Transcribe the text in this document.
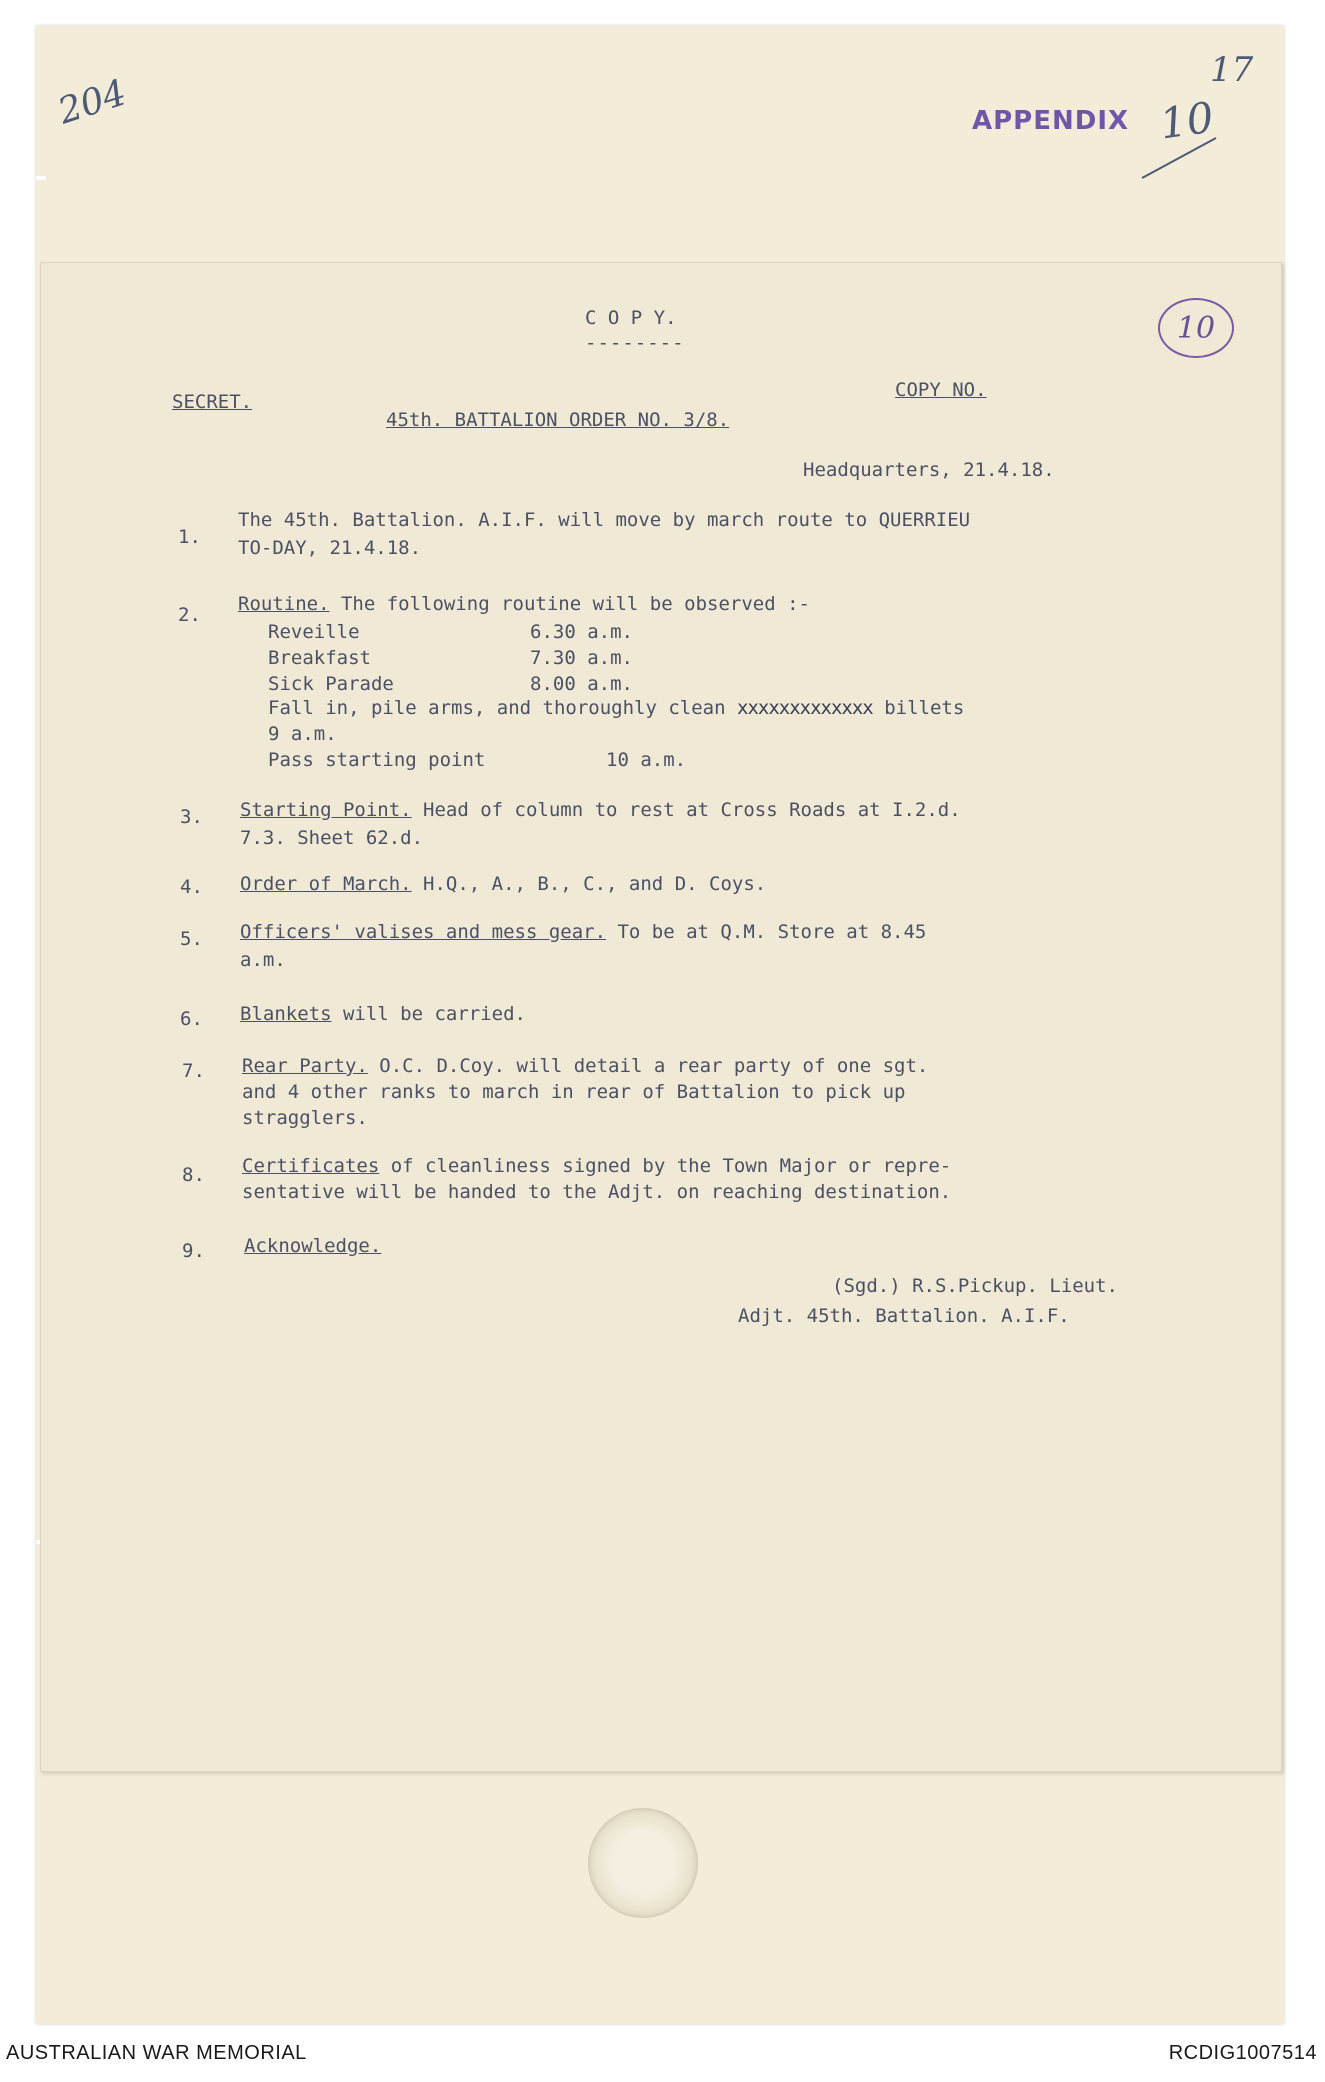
204	APPENDIX 10
17
10
C O P Y.
--------
SECRET.
COPY NO.
45th. BATTALION ORDER NO. 3/8.
Headquarters, 21.4.18.
1.
The 45th. Battalion. A.I.F. will move by march route to QUERRIEU
TO-DAY, 21.4.18.
2. Routine. The following routine will be observed :-
Reveille	6.30 a.m.
Breakfast	7.30 a.m.
Sick Parade	8.00 a.m.
Fall in, pile arms, and thoroughly clean xxxxxxxxxxxxx billets
9 a.m.
Pass starting point	10 a.m.
3. Starting Point. Head of column to rest at Cross Roads at I.2.d.
7.3. Sheet 62.d.
4. Order of March. H.Q., A., B., C., and D. Coys.
5. Officers' valises and mess gear. To be at Q.M. Store at 8.45
a.m.
6. Blankets will be carried.
7. Rear Party. O.C. D.Coy. will detail a rear party of one sgt.
and 4 other ranks to march in rear of Battalion to pick up
stragglers.
8. Certificates of cleanliness signed by the Town Major or repre-
sentative will be handed to the Adjt. on reaching destination.
9. Acknowledge.
(Sgd.) R.S.Pickup. Lieut.
Adjt. 45th. Battalion. A.I.F.
AUSTRALIAN WAR MEMORIAL	RCDIG1007514
